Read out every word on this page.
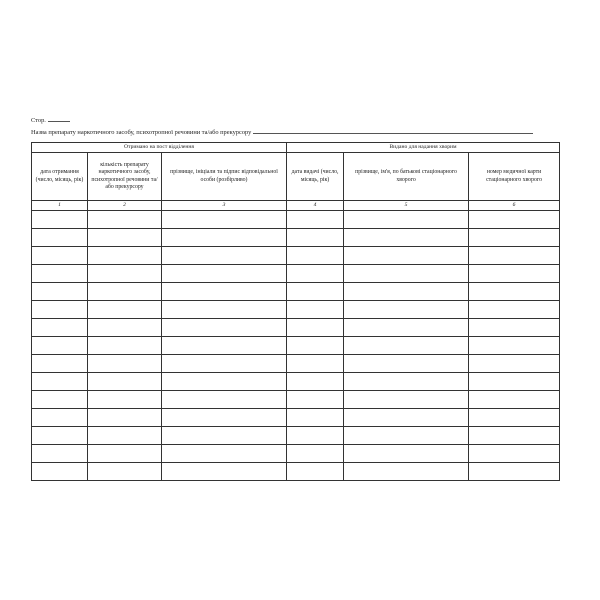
Стор.
Назва препарату наркотичного засобу, психотропної речовини та/або прекурсору
Отримано на пост відділення			Видано для надання хворим		
дата отримання (число, місяць, рік)	кількість препарату наркотичного засобу, психотропної речовини та/або прекурсору	прізвище, ініціали та підпис відповідальної особи (розбірливо)	дата видачі (число, місяць, рік)	прізвище, ім'я, по батькові стаціонарного хворого	номер медичної карти стаціонарного хворого
1	2	3	4	5	6
